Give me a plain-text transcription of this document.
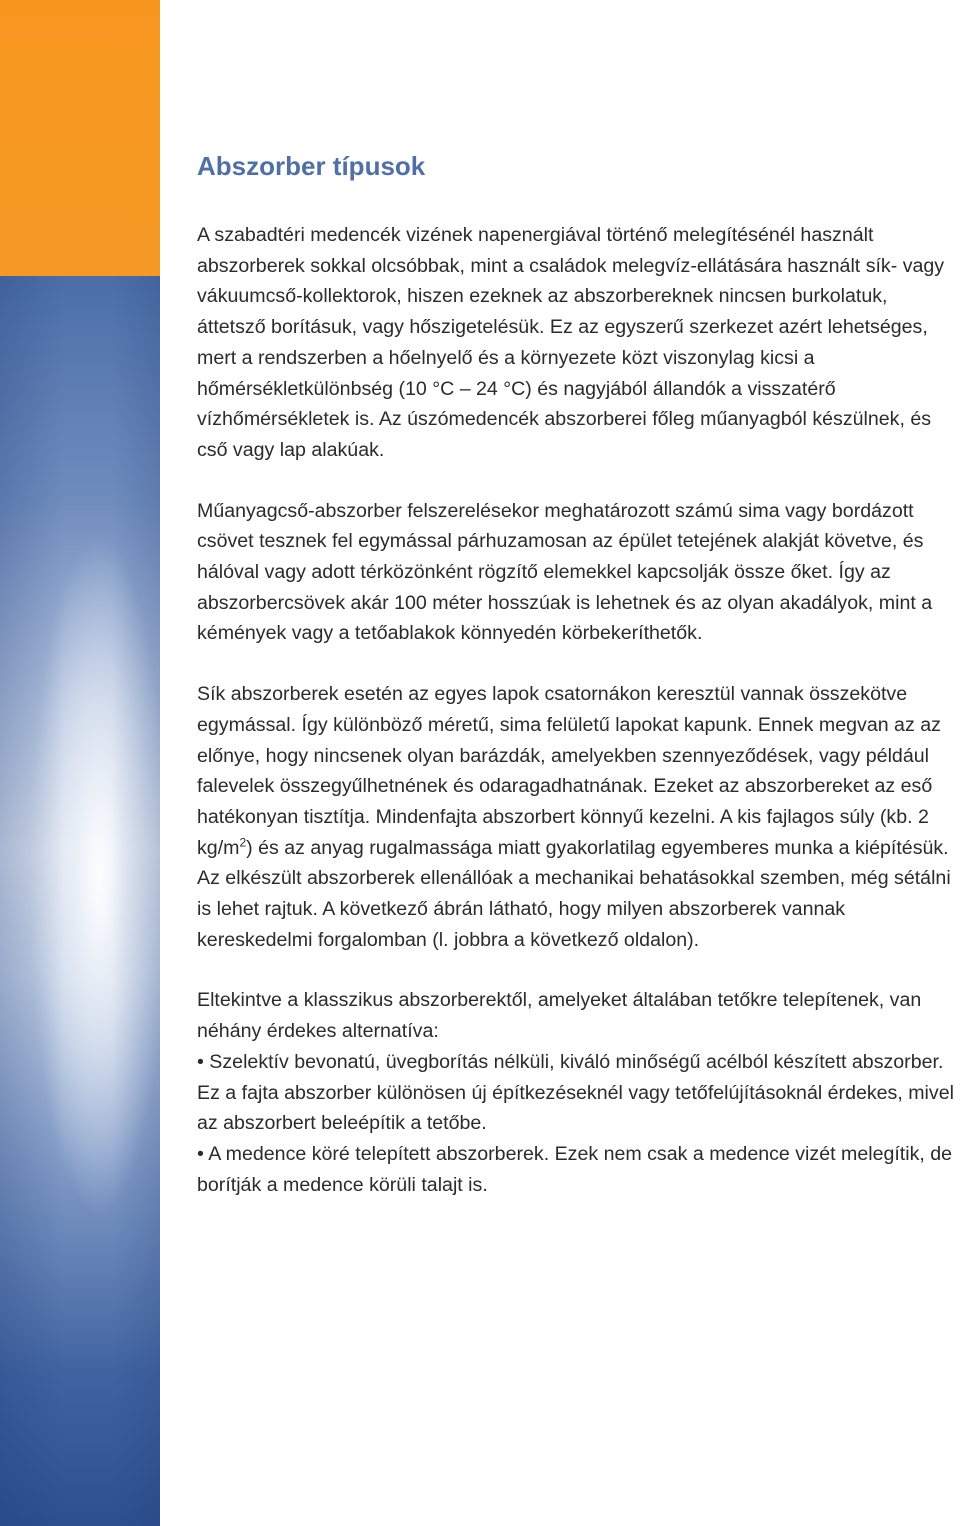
Abszorber típusok

A szabadtéri medencék vizének napenergiával történő melegítésénél használt abszorberek sokkal olcsóbbak, mint a családok melegvíz-ellátására használt sík- vagy vákuumcső-kollektorok, hiszen ezeknek az abszorbereknek nincsen burkolatuk, áttetsző borításuk, vagy hőszigetelésük. Ez az egyszerű szerkezet azért lehetséges, mert a rendszerben a hőelnyelő és a környezete közt viszonylag kicsi a hőmérsékletkülönbség (10 °C – 24 °C) és nagyjából állandók a visszatérő vízhőmérsékletek is. Az úszómedencék abszorberei főleg műanyagból készülnek, és cső vagy lap alakúak.

Műanyagcső-abszorber felszerelésekor meghatározott számú sima vagy bordázott csövet tesznek fel egymással párhuzamosan az épület tetejének alakját követve, és hálóval vagy adott térközönként rögzítő elemekkel kapcsolják össze őket. Így az abszorbercsövek akár 100 méter hosszúak is lehetnek és az olyan akadályok, mint a kémények vagy a tetőablakok könnyedén körbekeríthetők.

Sík abszorberek esetén az egyes lapok csatornákon keresztül vannak összekötve egymással. Így különböző méretű, sima felületű lapokat kapunk. Ennek megvan az az előnye, hogy nincsenek olyan barázdák, amelyekben szennyeződések, vagy például falevelek összegyűlhetnének és odaragadhatnának. Ezeket az abszorbereket az eső hatékonyan tisztítja. Mindenfajta abszorbert könnyű kezelni. A kis fajlagos súly (kb. 2 $kg/m^2$) és az anyag rugalmassága miatt gyakorlatilag egyemberes munka a kiépítésük. Az elkészült abszorberek ellenállóak a mechanikai behatásokkal szemben, még sétálni is lehet rajtuk. A következő ábrán látható, hogy milyen abszorberek vannak kereskedelmi forgalomban (l. jobbra a következő oldalon).

Eltekintve a klasszikus abszorberektől, amelyeket általában tetőkre telepítenek, van néhány érdekes alternatíva:

• Szelektív bevonatú, üvegborítás nélküli, kiváló minőségű acélból készített abszorber. Ez a fajta abszorber különösen új építkezéseknél vagy tetőfelújításoknál érdekes, mivel az abszorbert beleépítik a tetőbe.

• A medence köré telepített abszorberek. Ezek nem csak a medence vizét melegítik, de borítják a medence körüli talajt is.
